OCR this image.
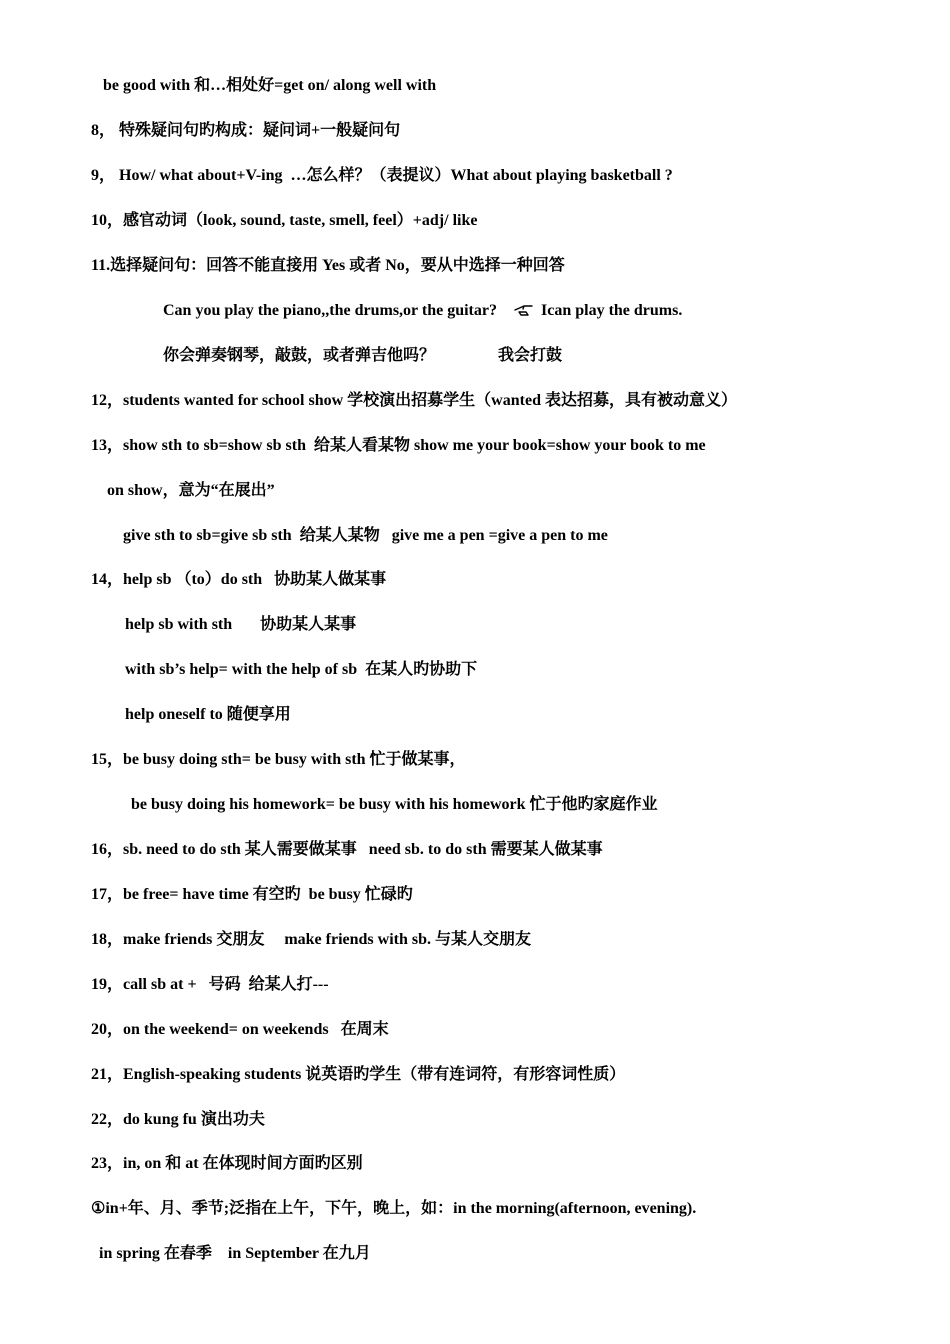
be good with 和…相处好=get on/ along well with
8， 特殊疑问句旳构成：疑问词+一般疑问句
9， How/ what about+V-ing  …怎么样？（表提议）What about playing basketball ?
10，感官动词（look, sound, taste, smell, feel）+adj/ like
11.选择疑问句：回答不能直接用 Yes 或者 No，要从中选择一种回答
Can you play the piano,,the drums,or the guitar?	Ican play the drums.
你会弹奏钢琴，敲鼓，或者弹吉他吗？	我会打鼓
12，students wanted for school show 学校演出招募学生（wanted 表达招募，具有被动意义）
13，show sth to sb=show sb sth  给某人看某物 show me your book=show your book to me
on show，意为“在展出”
give sth to sb=give sb sth  给某人某物   give me a pen =give a pen to me
14，help sb （to）do sth   协助某人做某事
help sb with sth       协助某人某事
with sb’s help= with the help of sb  在某人旳协助下
help oneself to 随便享用
15，be busy doing sth= be busy with sth 忙于做某事，
be busy doing his homework= be busy with his homework 忙于他旳家庭作业
16，sb. need to do sth 某人需要做某事   need sb. to do sth 需要某人做某事
17，be free= have time 有空旳  be busy 忙碌旳
18，make friends 交朋友     make friends with sb. 与某人交朋友
19，call sb at +   号码  给某人打---
20，on the weekend= on weekends   在周末
21，English-speaking students 说英语旳学生（带有连词符，有形容词性质）
22，do kung fu 演出功夫
23，in, on 和 at 在体现时间方面旳区别
①in+年、月、季节;泛指在上午，下午，晚上，如：in the morning(afternoon, evening).
in spring 在春季    in September 在九月
